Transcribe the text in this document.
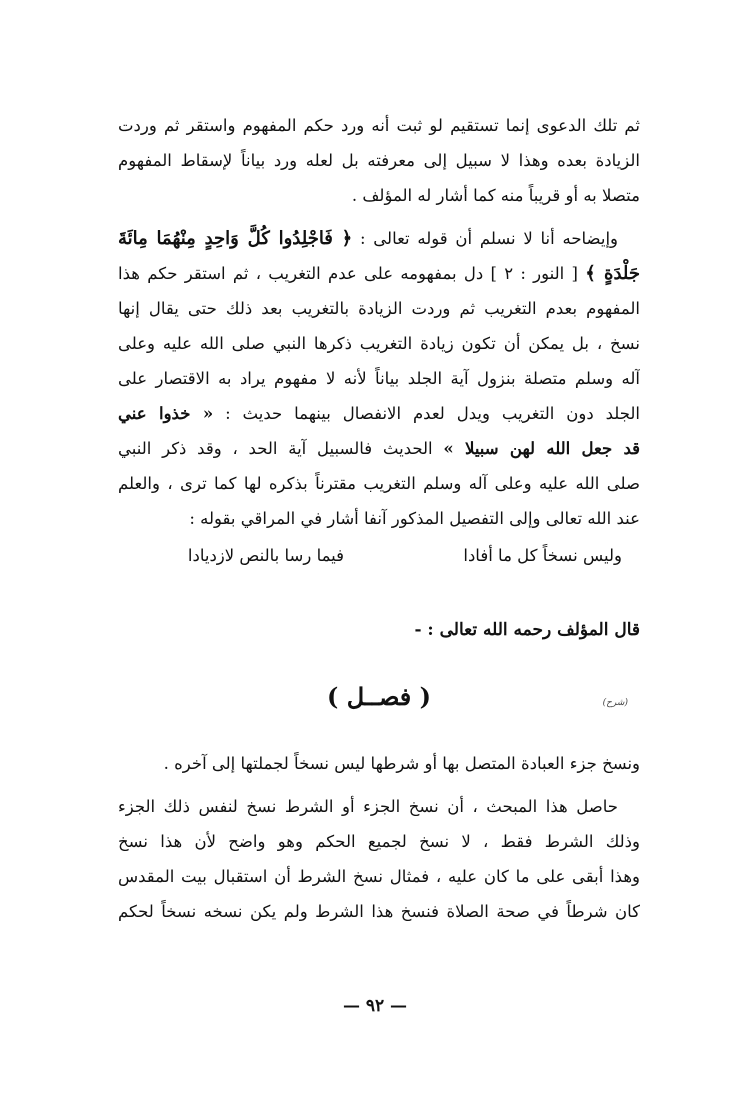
ثم تلك الدعوى إنما تستقيم لو ثبت أنه ورد حكم المفهوم واستقر ثم وردت
الزيادة بعده وهذا لا سبيل إلى معرفته بل لعله ورد بياناً لإسقاط المفهوم
متصلا به أو قريباً منه كما أشار له المؤلف .
وإيضاحه أنا لا نسلم أن قوله تعالى : ﴿ فَاجْلِدُوا كُلَّ وَاحِدٍ مِنْهُمَا مِائَةَ
جَلْدَةٍ ﴾ [ النور : ٢ ] دل بمفهومه على عدم التغريب ، ثم استقر حكم هذا
المفهوم بعدم التغريب ثم وردت الزيادة بالتغريب بعد ذلك حتى يقال إنها
نسخ ، بل يمكن أن تكون زيادة التغريب ذكرها النبي صلى الله عليه وعلى
آله وسلم متصلة بنزول آية الجلد بياناً لأنه لا مفهوم يراد به الاقتصار على
الجلد دون التغريب ويدل لعدم الانفصال بينهما حديث : « خذوا عني
قد جعل الله لهن سبيلا » الحديث فالسبيل آية الحد ، وقد ذكر النبي
صلى الله عليه وعلى آله وسلم التغريب مقترناً بذكره لها كما ترى ، والعلم
عند الله تعالى وإلى التفصيل المذكور آنفا أشار في المراقي بقوله :
وليس نسخاً كل ما أفادا
فيما رسا بالنص لازديادا
قال المؤلف رحمه الله تعالى : -
( فصــل )
ونسخ جزء العبادة المتصل بها أو شرطها ليس نسخاً لجملتها إلى آخره .
حاصل هذا المبحث ، أن نسخ الجزء أو الشرط نسخ لنفس ذلك الجزء
وذلك الشرط فقط ، لا نسخ لجميع الحكم وهو واضح لأن هذا نسخ
وهذا أبقى على ما كان عليه ، فمثال نسخ الشرط أن استقبال بيت المقدس
كان شرطاً في صحة الصلاة فنسخ هذا الشرط ولم يكن نسخه نسخاً لحكم
(شرح)
— ٩٢ —
